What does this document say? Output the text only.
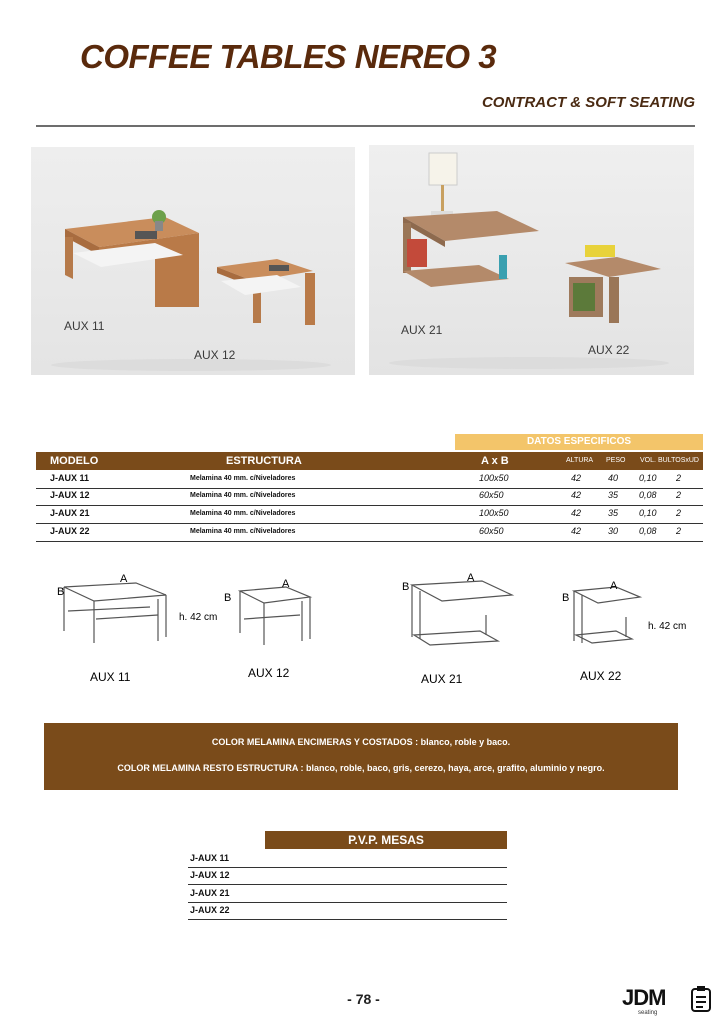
COFFEE TABLES NEREO 3
CONTRACT & SOFT SEATING
AUX 11
AUX 12
AUX 21
AUX 22
DATOS ESPECIFICOS
MODELO	ESTRUCTURA	A x B	ALTURA PESO VOL. BULTOSxUD
J-AUX 11	Melamina 40 mm. c/Niveladores	100x50	42	40 0,10 2
J-AUX 12	Melamina 40 mm. c/Niveladores	60x50	42	35 0,08 2
J-AUX 21	Melamina 40 mm. c/Niveladores	100x50	42	35 0,10 2
J-AUX 22	Melamina 40 mm. c/Niveladores	60x50	42	30 0,08 2
B
A
B
A	B
A
B
A
h. 42 cm
h. 42 cm
AUX 11	AUX 12	AUX 21	AUX 22
COLOR MELAMINA ENCIMERAS Y COSTADOS : blanco, roble y baco.
COLOR MELAMINA RESTO ESTRUCTURA : blanco, roble, baco, gris, cerezo, haya, arce, grafito, aluminio y negro.
P.V.P. MESAS
J-AUX 11
J-AUX 12
J-AUX 21
J-AUX 22
- 78 -	JDM
seating
